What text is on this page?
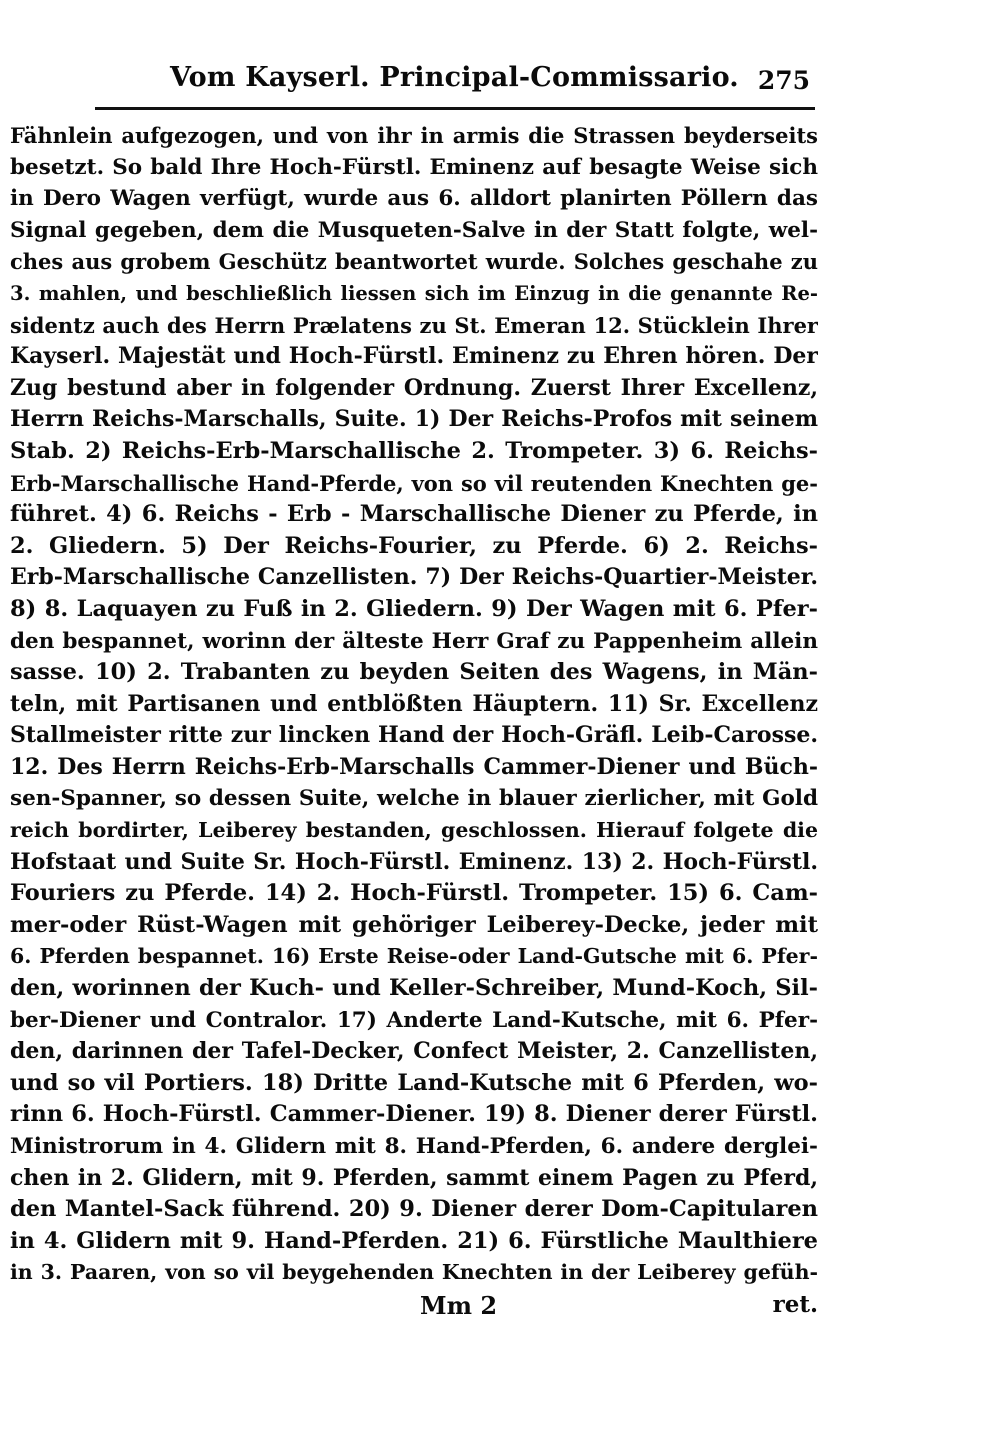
Vom Kayserl. Principal-Commissario. 275
Fähnlein aufgezogen, und von ihr in armis die Strassen beyderseits
besetzt. So bald Ihre Hoch-Fürstl. Eminenz auf besagte Weise sich
in Dero Wagen verfügt, wurde aus 6. alldort planirten Pöllern das
Signal gegeben, dem die Musqueten-Salve in der Statt folgte, wel-
ches aus grobem Geschütz beantwortet wurde. Solches geschahe zu
3. mahlen, und beschließlich liessen sich im Einzug in die genannte Re-
sidentz auch des Herrn Prælatens zu St. Emeran 12. Stücklein Ihrer
Kayserl. Majestät und Hoch-Fürstl. Eminenz zu Ehren hören. Der
Zug bestund aber in folgender Ordnung. Zuerst Ihrer Excellenz,
Herrn Reichs-Marschalls, Suite. 1) Der Reichs-Profos mit seinem
Stab. 2) Reichs-Erb-Marschallische 2. Trompeter. 3) 6. Reichs-
Erb-Marschallische Hand-Pferde, von so vil reutenden Knechten ge-
führet. 4) 6. Reichs - Erb - Marschallische Diener zu Pferde, in
2. Gliedern. 5) Der Reichs-Fourier, zu Pferde. 6) 2. Reichs-
Erb-Marschallische Canzellisten. 7) Der Reichs-Quartier-Meister.
8) 8. Laquayen zu Fuß in 2. Gliedern. 9) Der Wagen mit 6. Pfer-
den bespannet, worinn der älteste Herr Graf zu Pappenheim allein
sasse. 10) 2. Trabanten zu beyden Seiten des Wagens, in Män-
teln, mit Partisanen und entblößten Häuptern. 11) Sr. Excellenz
Stallmeister ritte zur lincken Hand der Hoch-Gräfl. Leib-Carosse.
12. Des Herrn Reichs-Erb-Marschalls Cammer-Diener und Büch-
sen-Spanner, so dessen Suite, welche in blauer zierlicher, mit Gold
reich bordirter, Leiberey bestanden, geschlossen. Hierauf folgete die
Hofstaat und Suite Sr. Hoch-Fürstl. Eminenz. 13) 2. Hoch-Fürstl.
Fouriers zu Pferde. 14) 2. Hoch-Fürstl. Trompeter. 15) 6. Cam-
mer-oder Rüst-Wagen mit gehöriger Leiberey-Decke, jeder mit
6. Pferden bespannet. 16) Erste Reise-oder Land-Gutsche mit 6. Pfer-
den, worinnen der Kuch- und Keller-Schreiber, Mund-Koch, Sil-
ber-Diener und Contralor. 17) Anderte Land-Kutsche, mit 6. Pfer-
den, darinnen der Tafel-Decker, Confect Meister, 2. Canzellisten,
und so vil Portiers. 18) Dritte Land-Kutsche mit 6 Pferden, wo-
rinn 6. Hoch-Fürstl. Cammer-Diener. 19) 8. Diener derer Fürstl.
Ministrorum in 4. Glidern mit 8. Hand-Pferden, 6. andere derglei-
chen in 2. Glidern, mit 9. Pferden, sammt einem Pagen zu Pferd,
den Mantel-Sack führend. 20) 9. Diener derer Dom-Capitularen
in 4. Glidern mit 9. Hand-Pferden. 21) 6. Fürstliche Maulthiere
in 3. Paaren, von so vil beygehenden Knechten in der Leiberey gefüh-
Mm 2	ret.
